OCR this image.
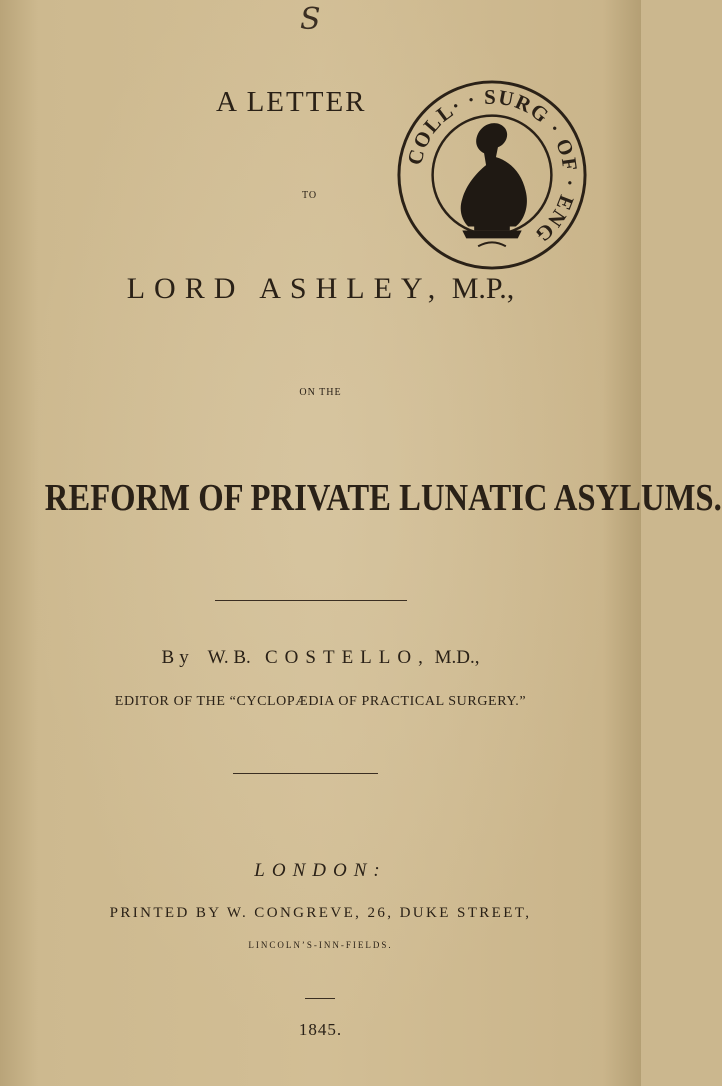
S
A LETTER
TO
COLL· · SURG · OF · ENG
LORD ASHLEY, M.P.,
ON THE
REFORM OF PRIVATE LUNATIC ASYLUMS.
By W. B. COSTELLO, M.D.,
EDITOR OF THE “CYCLOPÆDIA OF PRACTICAL SURGERY.”
LONDON:
PRINTED BY W. CONGREVE, 26, DUKE STREET,
LINCOLN’S-INN-FIELDS.
1845.
